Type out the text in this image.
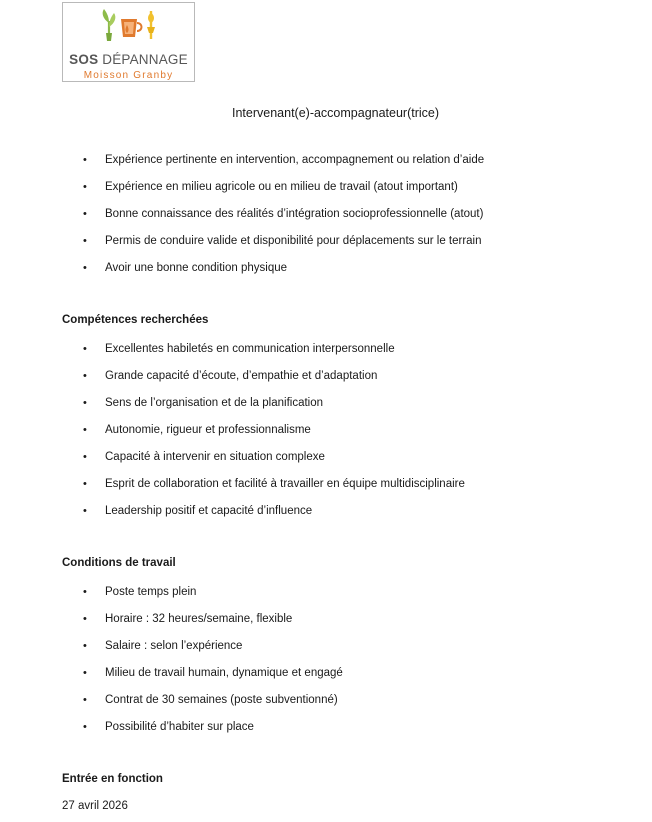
SOS DÉPANNAGE
Moisson Granby
Intervenant(e)-accompagnateur(trice)
• Expérience pertinente en intervention, accompagnement ou relation d’aide
• Expérience en milieu agricole ou en milieu de travail (atout important)
• Bonne connaissance des réalités d’intégration socioprofessionnelle (atout)
• Permis de conduire valide et disponibilité pour déplacements sur le terrain
• Avoir une bonne condition physique
Compétences recherchées
• Excellentes habiletés en communication interpersonnelle
• Grande capacité d’écoute, d’empathie et d’adaptation
• Sens de l’organisation et de la planification
• Autonomie, rigueur et professionnalisme
• Capacité à intervenir en situation complexe
• Esprit de collaboration et facilité à travailler en équipe multidisciplinaire
• Leadership positif et capacité d’influence
Conditions de travail
• Poste temps plein
• Horaire : 32 heures/semaine, flexible
• Salaire : selon l’expérience
• Milieu de travail humain, dynamique et engagé
• Contrat de 30 semaines (poste subventionné)
• Possibilité d’habiter sur place
Entrée en fonction
27 avril 2026
